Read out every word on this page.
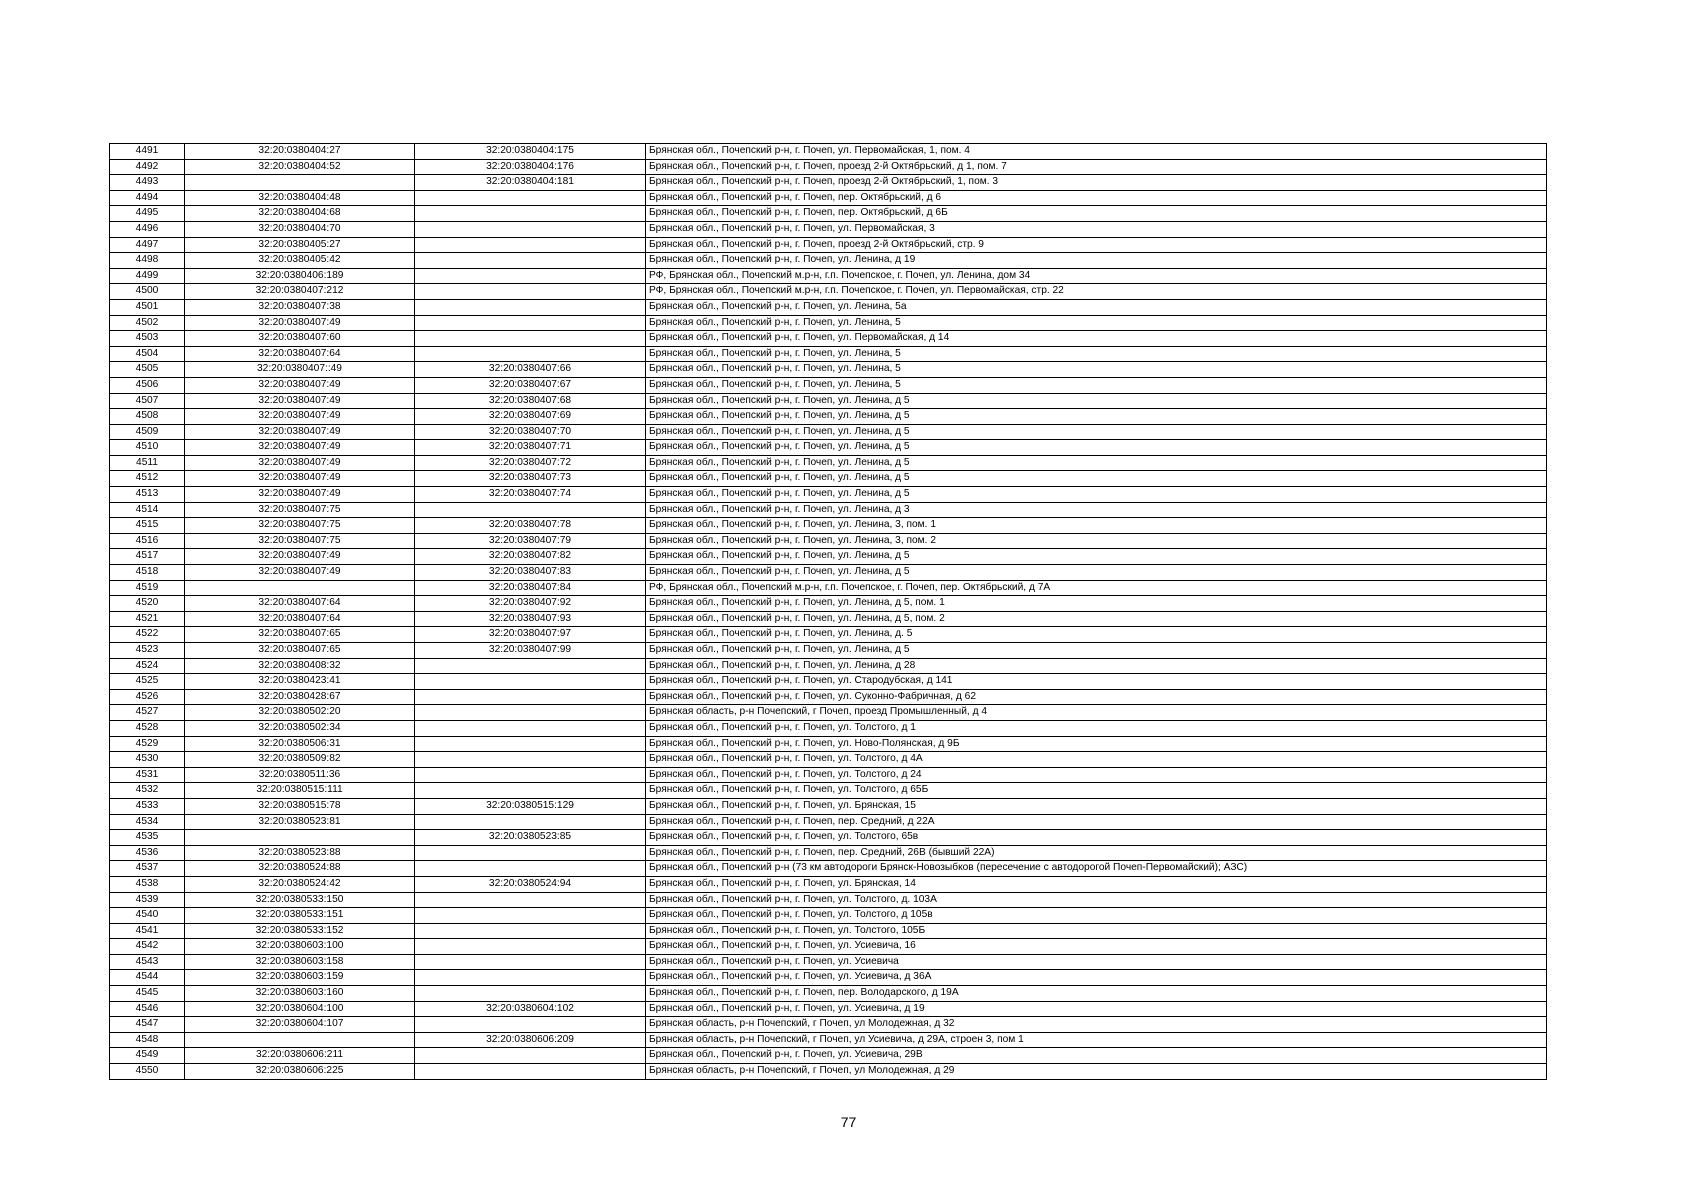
4491	32:20:0380404:27	32:20:0380404:175	Брянская обл., Почепский р-н, г. Почеп, ул. Первомайская, 1, пом. 4
4492	32:20:0380404:52	32:20:0380404:176	Брянская обл., Почепский р-н, г. Почеп, проезд 2-й Октябрьский, д 1, пом. 7
4493		32:20:0380404:181	Брянская обл., Почепский р-н, г. Почеп, проезд 2-й Октябрьский, 1, пом. 3
4494	32:20:0380404:48		Брянская обл., Почепский р-н, г. Почеп, пер. Октябрьский, д 6
4495	32:20:0380404:68		Брянская обл., Почепский р-н, г. Почеп, пер. Октябрьский, д 6Б
4496	32:20:0380404:70		Брянская обл., Почепский р-н, г. Почеп, ул. Первомайская, 3
4497	32:20:0380405:27		Брянская обл., Почепский р-н, г. Почеп, проезд 2-й Октябрьский, стр. 9
4498	32:20:0380405:42		Брянская обл., Почепский р-н, г. Почеп, ул. Ленина, д 19
4499	32:20:0380406:189		РФ, Брянская обл., Почепский м.р-н, г.п. Почепское, г. Почеп, ул. Ленина, дом 34
4500	32:20:0380407:212		РФ, Брянская обл., Почепский м.р-н, г.п. Почепское, г. Почеп, ул. Первомайская, стр. 22
4501	32:20:0380407:38		Брянская обл., Почепский р-н, г. Почеп, ул. Ленина, 5а
4502	32:20:0380407:49		Брянская обл., Почепский р-н, г. Почеп, ул. Ленина, 5
4503	32:20:0380407:60		Брянская обл., Почепский р-н, г. Почеп, ул. Первомайская, д 14
4504	32:20:0380407:64		Брянская обл., Почепский р-н, г. Почеп, ул. Ленина, 5
4505	32:20:0380407::49	32:20:0380407:66	Брянская обл., Почепский р-н, г. Почеп, ул. Ленина, 5
4506	32:20:0380407:49	32:20:0380407:67	Брянская обл., Почепский р-н, г. Почеп, ул. Ленина, 5
4507	32:20:0380407:49	32:20:0380407:68	Брянская обл., Почепский р-н, г. Почеп, ул. Ленина, д 5
4508	32:20:0380407:49	32:20:0380407:69	Брянская обл., Почепский р-н, г. Почеп, ул. Ленина, д 5
4509	32:20:0380407:49	32:20:0380407:70	Брянская обл., Почепский р-н, г. Почеп, ул. Ленина, д 5
4510	32:20:0380407:49	32:20:0380407:71	Брянская обл., Почепский р-н, г. Почеп, ул. Ленина, д 5
4511	32:20:0380407:49	32:20:0380407:72	Брянская обл., Почепский р-н, г. Почеп, ул. Ленина, д 5
4512	32:20:0380407:49	32:20:0380407:73	Брянская обл., Почепский р-н, г. Почеп, ул. Ленина, д 5
4513	32:20:0380407:49	32:20:0380407:74	Брянская обл., Почепский р-н, г. Почеп, ул. Ленина, д 5
4514	32:20:0380407:75		Брянская обл., Почепский р-н, г. Почеп, ул. Ленина, д 3
4515	32:20:0380407:75	32:20:0380407:78	Брянская обл., Почепский р-н, г. Почеп, ул. Ленина, 3, пом. 1
4516	32:20:0380407:75	32:20:0380407:79	Брянская обл., Почепский р-н, г. Почеп, ул. Ленина, 3, пом. 2
4517	32:20:0380407:49	32:20:0380407:82	Брянская обл., Почепский р-н, г. Почеп, ул. Ленина, д 5
4518	32:20:0380407:49	32:20:0380407:83	Брянская обл., Почепский р-н, г. Почеп, ул. Ленина, д 5
4519		32:20:0380407:84	РФ, Брянская обл., Почепский м.р-н, г.п. Почепское, г. Почеп, пер. Октябрьский, д 7А
4520	32:20:0380407:64	32:20:0380407:92	Брянская обл., Почепский р-н, г. Почеп, ул. Ленина, д 5, пом. 1
4521	32:20:0380407:64	32:20:0380407:93	Брянская обл., Почепский р-н, г. Почеп, ул. Ленина, д 5, пом. 2
4522	32:20:0380407:65	32:20:0380407:97	Брянская обл., Почепский р-н, г. Почеп, ул. Ленина, д. 5
4523	32:20:0380407:65	32:20:0380407:99	Брянская обл., Почепский р-н, г. Почеп, ул. Ленина, д 5
4524	32:20:0380408:32		Брянская обл., Почепский р-н, г. Почеп, ул. Ленина, д 28
4525	32:20:0380423:41		Брянская обл., Почепский р-н, г. Почеп, ул. Стародубская, д 141
4526	32:20:0380428:67		Брянская обл., Почепский р-н, г. Почеп, ул. Суконно-Фабричная, д 62
4527	32:20:0380502:20		Брянская область, р-н Почепский, г Почеп, проезд Промышленный, д 4
4528	32:20:0380502:34		Брянская обл., Почепский р-н, г. Почеп, ул. Толстого, д 1
4529	32:20:0380506:31		Брянская обл., Почепский р-н, г. Почеп, ул. Ново-Полянская, д 9Б
4530	32:20:0380509:82		Брянская обл., Почепский р-н, г. Почеп, ул. Толстого, д 4А
4531	32:20:0380511:36		Брянская обл., Почепский р-н, г. Почеп, ул. Толстого, д 24
4532	32:20:0380515:111		Брянская обл., Почепский р-н, г. Почеп, ул. Толстого, д 65Б
4533	32:20:0380515:78	32:20:0380515:129	Брянская обл., Почепский р-н, г. Почеп, ул. Брянская, 15
4534	32:20:0380523:81		Брянская обл., Почепский р-н, г. Почеп, пер. Средний, д 22А
4535		32:20:0380523:85	Брянская обл., Почепский р-н, г. Почеп, ул. Толстого, 65в
4536	32:20:0380523:88		Брянская обл., Почепский р-н, г. Почеп, пер. Средний, 26В (бывший 22А)
4537	32:20:0380524:88		Брянская обл., Почепский р-н (73 км автодороги Брянск-Новозыбков (пересечение с автодорогой Почеп-Первомайский); АЗС)
4538	32:20:0380524:42	32:20:0380524:94	Брянская обл., Почепский р-н, г. Почеп, ул. Брянская, 14
4539	32:20:0380533:150		Брянская обл., Почепский р-н, г. Почеп, ул. Толстого, д. 103А
4540	32:20:0380533:151		Брянская обл., Почепский р-н, г. Почеп, ул. Толстого, д 105в
4541	32:20:0380533:152		Брянская обл., Почепский р-н, г. Почеп, ул. Толстого, 105Б
4542	32:20:0380603:100		Брянская обл., Почепский р-н, г. Почеп, ул. Усиевича, 16
4543	32:20:0380603:158		Брянская обл., Почепский р-н, г. Почеп, ул. Усиевича
4544	32:20:0380603:159		Брянская обл., Почепский р-н, г. Почеп, ул. Усиевича, д 36А
4545	32:20:0380603:160		Брянская обл., Почепский р-н, г. Почеп, пер. Володарского, д 19А
4546	32:20:0380604:100	32:20:0380604:102	Брянская обл., Почепский р-н, г. Почеп, ул. Усиевича, д 19
4547	32:20:0380604:107		Брянская область, р-н Почепский, г Почеп, ул Молодежная, д 32
4548		32:20:0380606:209	Брянская область, р-н Почепский, г Почеп, ул Усиевича, д 29А, строен 3, пом 1
4549	32:20:0380606:211		Брянская обл., Почепский р-н, г. Почеп, ул. Усиевича, 29В
4550	32:20:0380606:225		Брянская область, р-н Почепский, г Почеп, ул Молодежная, д 29
77
